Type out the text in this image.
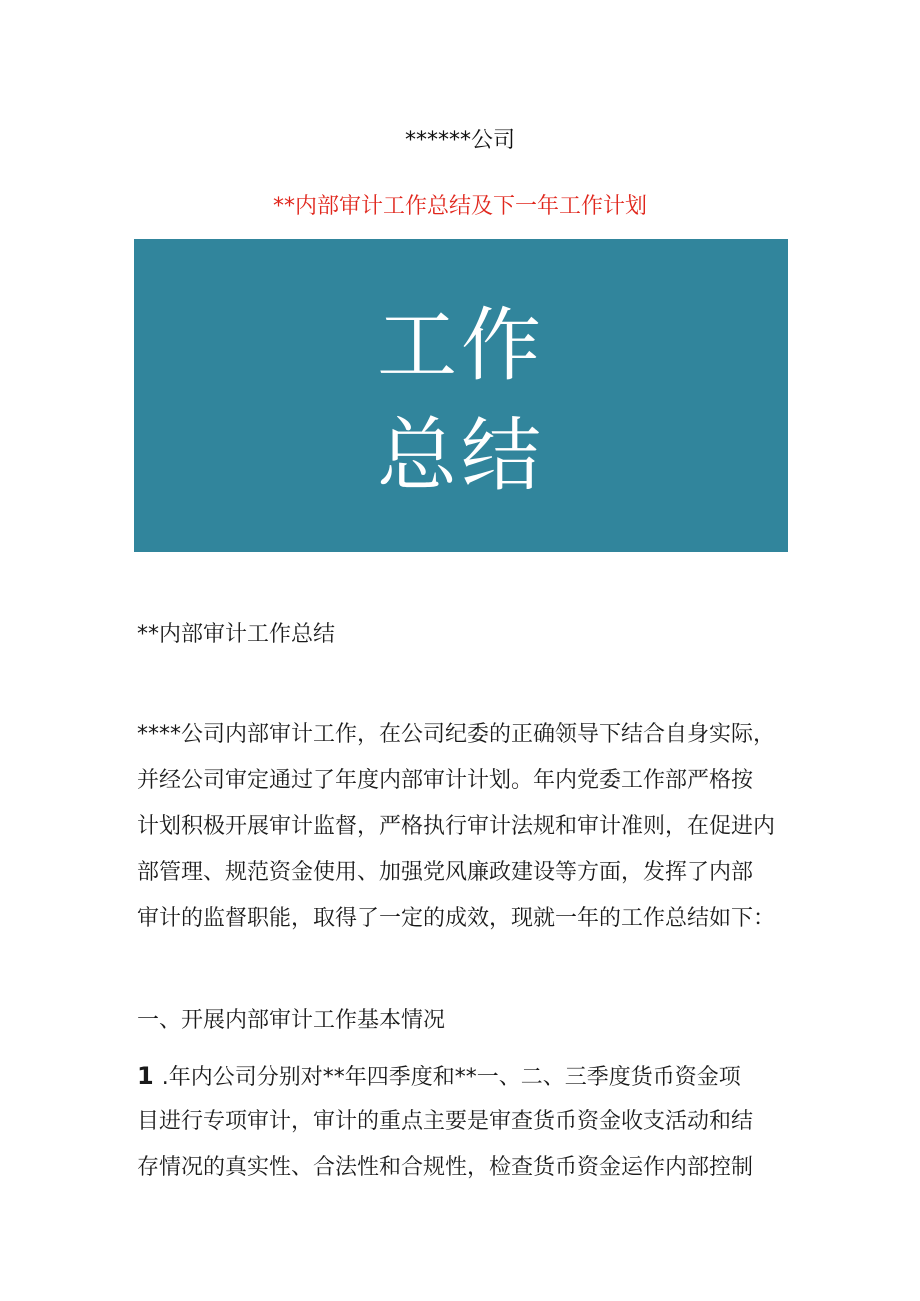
******公司
**内部审计工作总结及下一年工作计划
工作
总结
**内部审计工作总结
****公司内部审计工作，在公司纪委的正确领导下结合自身实际，
并经公司审定通过了年度内部审计计划。年内党委工作部严格按
计划积极开展审计监督，严格执行审计法规和审计准则，在促进内
部管理、规范资金使用、加强党风廉政建设等方面，发挥了内部
审计的监督职能，取得了一定的成效，现就一年的工作总结如下：
一、开展内部审计工作基本情况
1 .年内公司分别对**年四季度和**一、二、三季度货币资金项
目进行专项审计，审计的重点主要是审查货币资金收支活动和结
存情况的真实性、合法性和合规性，检查货币资金运作内部控制
